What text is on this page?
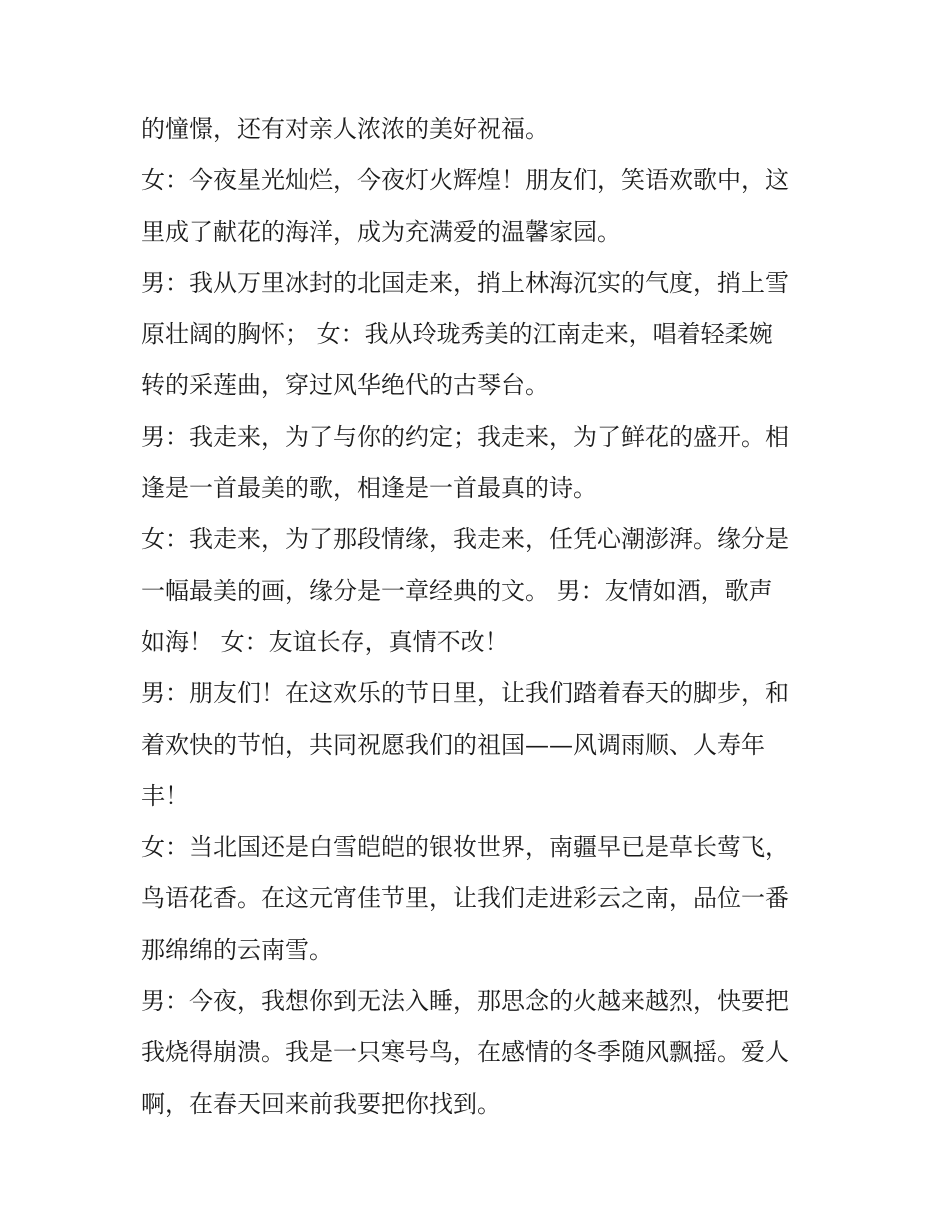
的憧憬，还有对亲人浓浓的美好祝福。
女：今夜星光灿烂，今夜灯火辉煌！朋友们，笑语欢歌中，这
里成了献花的海洋，成为充满爱的温馨家园。
男：我从万里冰封的北国走来，捎上林海沉实的气度，捎上雪
原壮阔的胸怀； 女：我从玲珑秀美的江南走来，唱着轻柔婉
转的采莲曲，穿过风华绝代的古琴台。
男：我走来，为了与你的约定；我走来，为了鲜花的盛开。相
逢是一首最美的歌，相逢是一首最真的诗。
女：我走来，为了那段情缘，我走来，任凭心潮澎湃。缘分是
一幅最美的画，缘分是一章经典的文。 男：友情如酒，歌声
如海！ 女：友谊长存，真情不改！
男：朋友们！在这欢乐的节日里，让我们踏着春天的脚步，和
着欢快的节怕，共同祝愿我们的祖国——风调雨顺、人寿年
丰！
女：当北国还是白雪皑皑的银妆世界，南疆早已是草长莺飞，
鸟语花香。在这元宵佳节里，让我们走进彩云之南，品位一番
那绵绵的云南雪。
男：今夜，我想你到无法入睡，那思念的火越来越烈，快要把
我烧得崩溃。我是一只寒号鸟，在感情的冬季随风飘摇。爱人
啊，在春天回来前我要把你找到。
